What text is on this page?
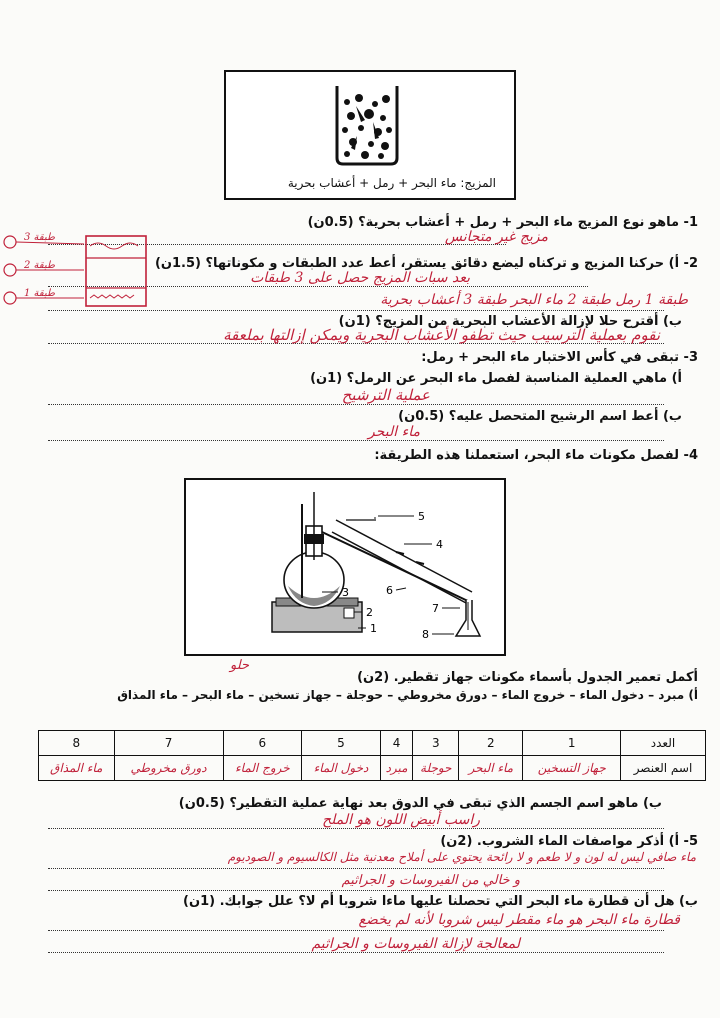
المزيج: ماء البحر + رمل + أعشاب بحرية
1- ماهو نوع المزيج ماء البحر + رمل + أعشاب بحرية؟ (0.5ن)
مزيج غير متجانس
2- أ) حركنا المزيج و تركناه ليضع دقائق يستقر، أعط عدد الطبقات و مكوناتها؟ (1.5ن)
بعد سبات المزيج حصل على 3 طبقات
طبقة 1 رمل طبقة 2 ماء البحر طبقة 3 أعشاب بحرية
طبقة 3
طبقة 2
طبقة 1
ب) أقترح حلا لإزالة الأعشاب البحرية من المزيج؟ (1ن)
نقوم بعملية الترسيب حيث تطفو الأعشاب البحرية ويمكن إزالتها بملعقة
3- تبقى في كأس الاختبار ماء البحر + رمل:
أ) ماهي العملية المناسبة لفصل ماء البحر عن الرمل؟ (1ن)
عملية الترشيح
ب) أعط اسم الرشيح المتحصل عليه؟ (0.5ن)
ماء البحر
4- لفصل مكونات ماء البحر، استعملنا هذه الطريقة:
5
4
3	6
7
2
1	8
أكمل تعمير الجدول بأسماء مكونات جهاز تقطير. (2ن)
حلو
أ) مبرد – دخول الماء – خروج الماء – دورق مخروطي – حوجلة – جهاز تسخين – ماء البحر – ماء المذاق
العدد	1	2	3	4	5	6	7	8
اسم العنصر	جهاز التسخين	ماء البحر	حوجلة	مبرد	دخول الماء	خروج الماء	دورق مخروطي	ماء المذاق
ب) ماهو اسم الجسم الذي تبقى في الدوق بعد نهاية عملية التقطير؟ (0.5ن)
راسب أبيض اللون هو الملح
5- أ) أذكر مواصفات الماء الشروب. (2ن)
ماء صافي ليس له لون و لا طعم و لا رائحة يحتوي على أملاح معدنية مثل الكالسيوم و الصوديوم
و خالي من الفيروسات و الجراثيم
ب) هل أن قطارة ماء البحر التي تحصلنا عليها ماءا شروبا أم لا؟ علل جوابك. (1ن)
قطارة ماء البحر هو ماء مقطر ليس شروبا لأنه لم يخضع
لمعالجة لإزالة الفيروسات و الجراثيم
